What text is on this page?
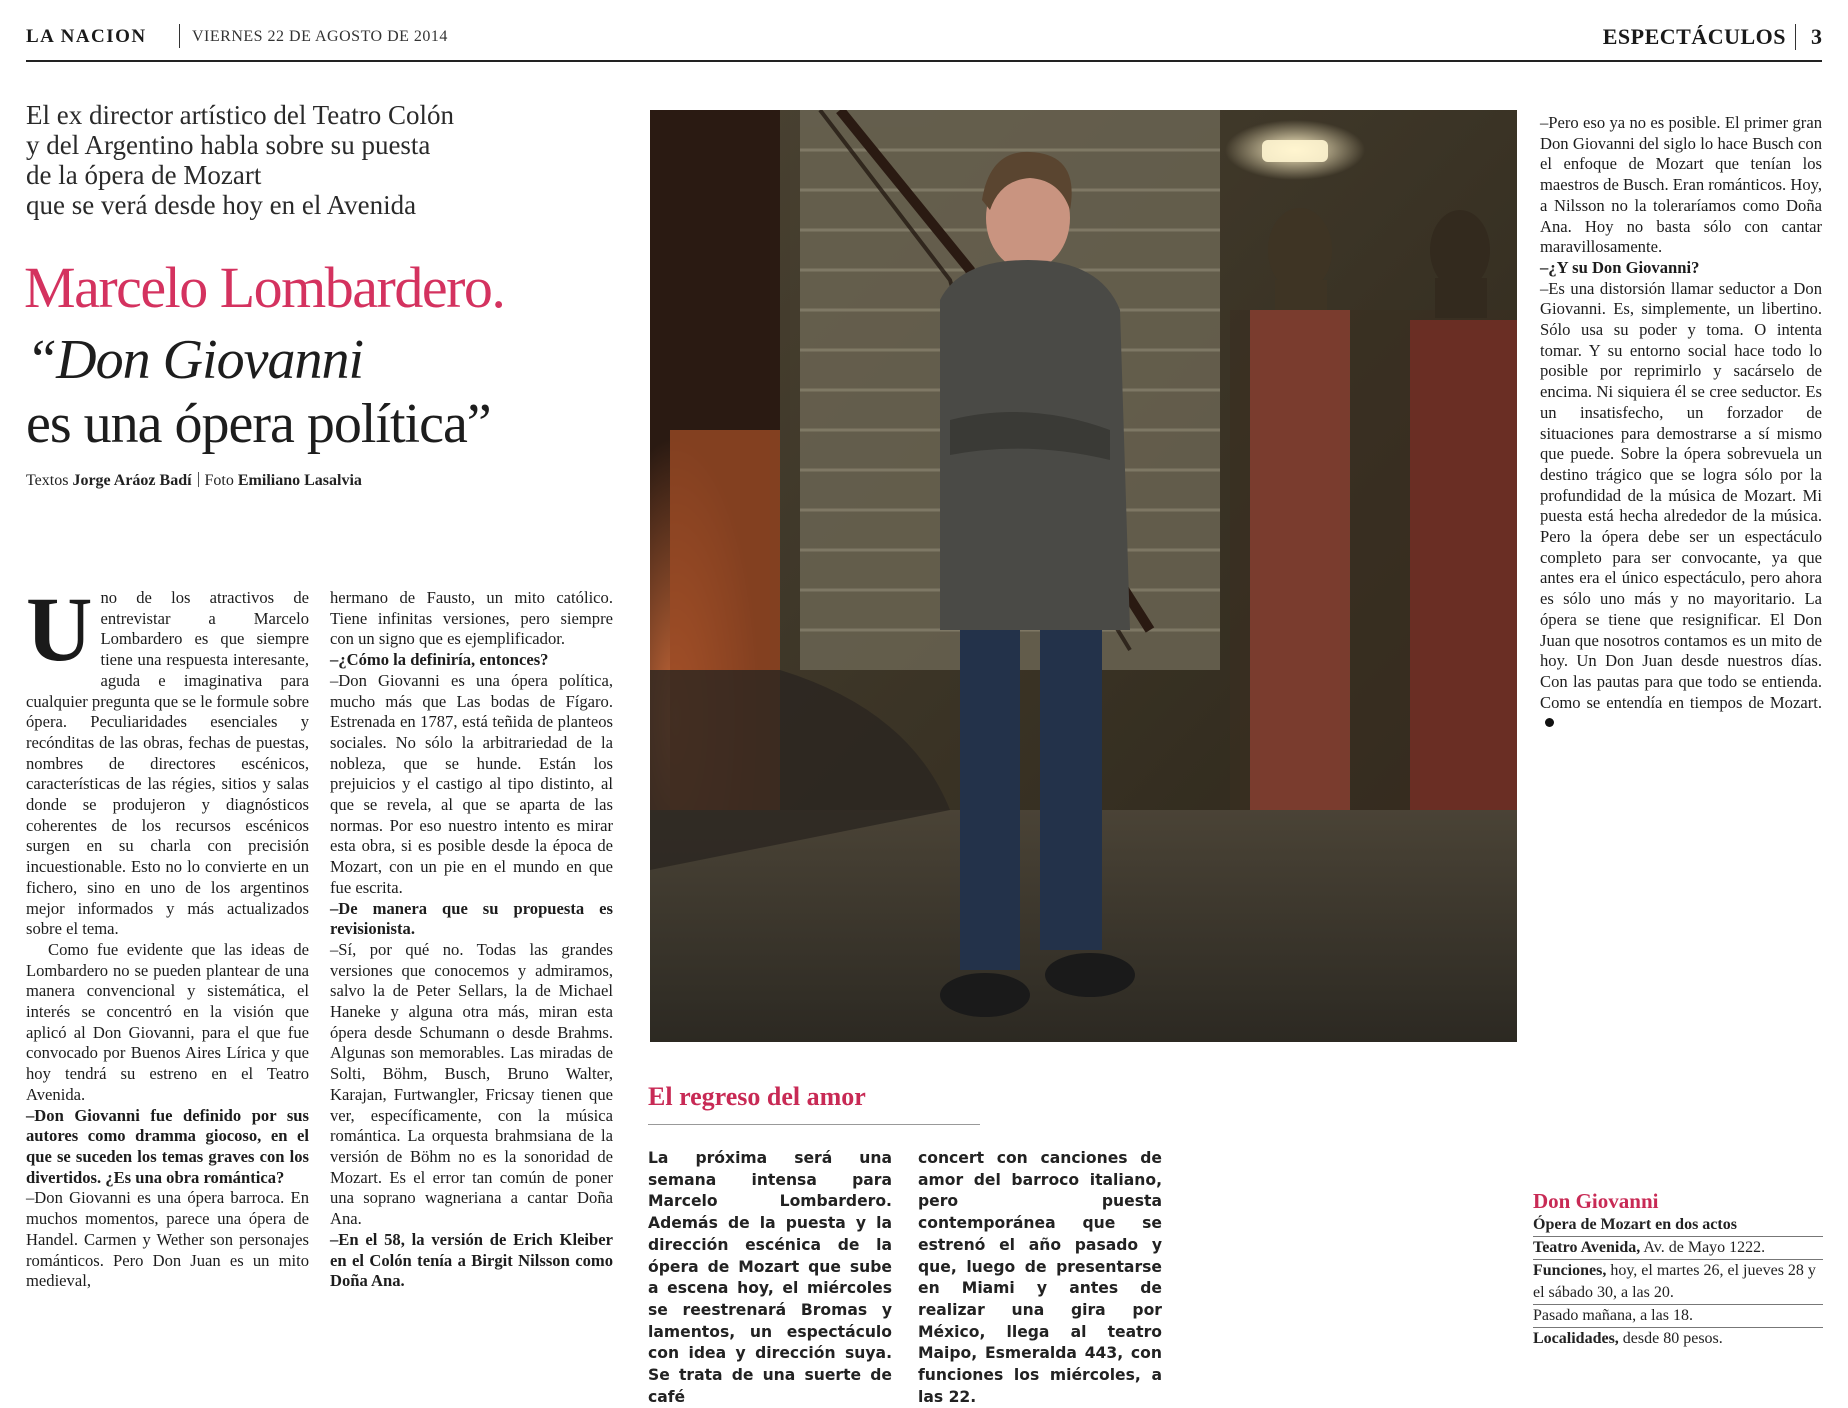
LA NACION	VIERNES 22 DE AGOSTO DE 2014	ESPECTÁCULOS 3
El ex director artístico del Teatro Colón
y del Argentino habla sobre su puesta
de la ópera de Mozart
que se verá desde hoy en el Avenida
Marcelo Lombardero.
“Don Giovanni
es una ópera política”
Textos Jorge Aráoz Badí Foto Emiliano Lasalvia

Uno de los atractivos de entrevistar a Marcelo Lombardero es que siempre tiene una respuesta interesante, aguda e imaginativa para cualquier pregunta que se le formule sobre ópera. Peculiaridades esenciales y recónditas de las obras, fechas de puestas, nombres de directores escénicos, características de las régies, sitios y salas donde se produjeron y diagnósticos coherentes de los recursos escénicos surgen en su charla con precisión incuestionable. Esto no lo convierte en un fichero, sino en uno de los argentinos mejor informados y más actualizados sobre el tema.

Como fue evidente que las ideas de Lombardero no se pueden plantear de una manera convencional y sistemática, el interés se concentró en la visión que aplicó al Don Giovanni, para el que fue convocado por Buenos Aires Lírica y que hoy tendrá su estreno en el Teatro Avenida.

–Don Giovanni fue definido por sus autores como dramma giocoso, en el que se suceden los temas graves con los divertidos. ¿Es una obra romántica?

–Don Giovanni es una ópera barroca. En muchos momentos, parece una ópera de Handel. Carmen y Wether son personajes románticos. Pero Don Juan es un mito medieval,

hermano de Fausto, un mito católico. Tiene infinitas versiones, pero siempre con un signo que es ejemplificador.

–¿Cómo la definiría, entonces?

–Don Giovanni es una ópera política, mucho más que Las bodas de Fígaro. Estrenada en 1787, está teñida de planteos sociales. No sólo la arbitrariedad de la nobleza, que se hunde. Están los prejuicios y el castigo al tipo distinto, al que se revela, al que se aparta de las normas. Por eso nuestro intento es mirar esta obra, si es posible desde la época de Mozart, con un pie en el mundo en que fue escrita.

–De manera que su propuesta es revisionista.

–Sí, por qué no. Todas las grandes versiones que conocemos y admiramos, salvo la de Peter Sellars, la de Michael Haneke y alguna otra más, miran esta ópera desde Schumann o desde Brahms. Algunas son memorables. Las miradas de Solti, Böhm, Busch, Bruno Walter, Karajan, Furtwangler, Fricsay tienen que ver, específicamente, con la música romántica. La orquesta brahmsiana de la versión de Böhm no es la sonoridad de Mozart. Es el error tan común de poner una soprano wagneriana a cantar Doña Ana.

–En el 58, la versión de Erich Kleiber en el Colón tenía a Birgit Nilsson como Doña Ana.

–Pero eso ya no es posible. El primer gran Don Giovanni del siglo lo hace Busch con el enfoque de Mozart que tenían los maestros de Busch. Eran románticos. Hoy, a Nilsson no la toleraríamos como Doña Ana. Hoy no basta sólo con cantar maravillosamente.

–¿Y su Don Giovanni?

–Es una distorsión llamar seductor a Don Giovanni. Es, simplemente, un libertino. Sólo usa su poder y toma. O intenta tomar. Y su entorno social hace todo lo posible por reprimirlo y sacárselo de encima. Ni siquiera él se cree seductor. Es un insatisfecho, un forzador de situaciones para demostrarse a sí mismo que puede. Sobre la ópera sobrevuela un destino trágico que se logra sólo por la profundidad de la música de Mozart. Mi puesta está hecha alrededor de la música. Pero la ópera debe ser un espectáculo completo para ser convocante, ya que antes era el único espectáculo, pero ahora es sólo uno más y no mayoritario. La ópera se tiene que resignificar. El Don Juan que nosotros contamos es un mito de hoy. Un Don Juan desde nuestros días. Con las pautas para que todo se entienda. Como se entendía en tiempos de Mozart.

El regreso del amor
La próxima será una semana intensa para Marcelo Lombardero. Además de la puesta y la dirección escénica de la ópera de Mozart que sube a escena hoy, el miércoles se reestrenará Bromas y lamentos, un espectáculo con idea y dirección suya. Se trata de una suerte de café
concert con canciones de amor del barroco italiano, pero puesta contemporánea que se estrenó el año pasado y que, luego de presentarse en Miami y antes de realizar una gira por México, llega al teatro Maipo, Esmeralda 443, con funciones los miércoles, a las 22.
Don Giovanni
Ópera de Mozart en dos actos
Teatro Avenida, Av. de Mayo 1222.
Funciones, hoy, el martes 26, el jueves 28 y el sábado 30, a las 20.
Pasado mañana, a las 18.
Localidades, desde 80 pesos.
